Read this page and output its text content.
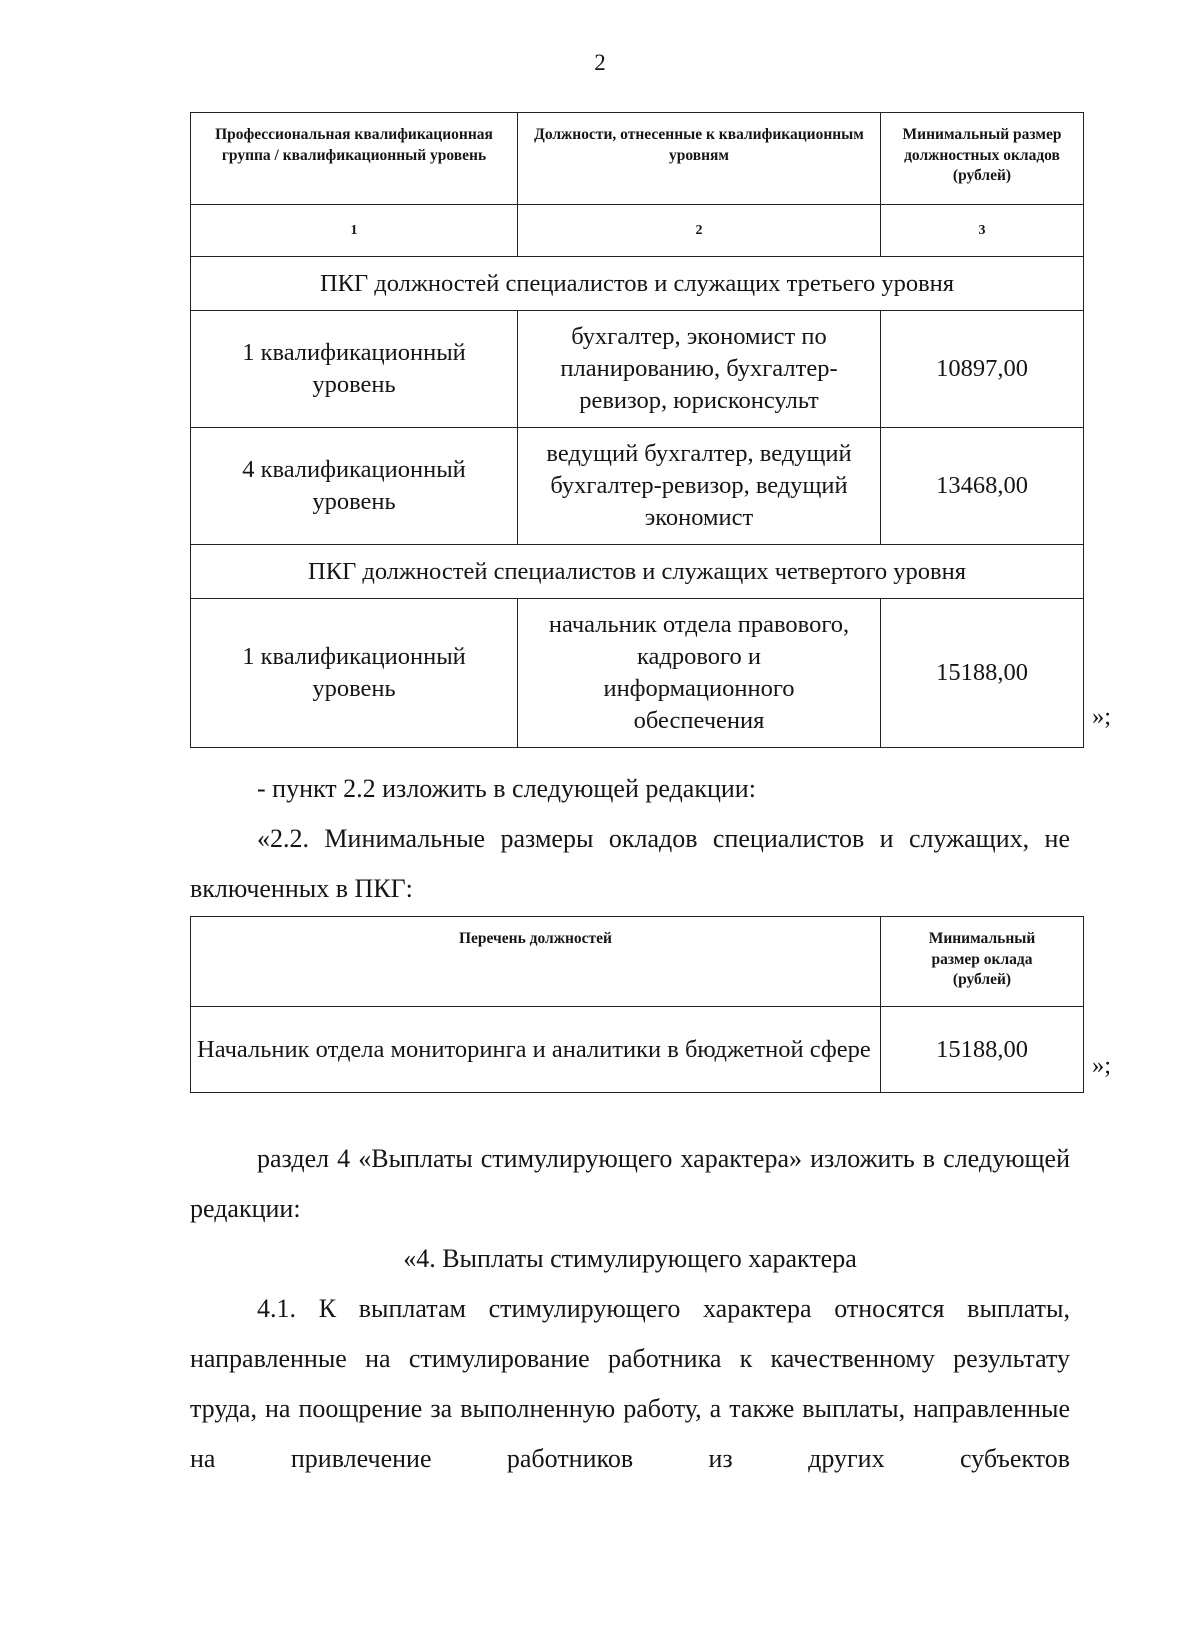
2
Профессиональная квалификационная группа / квалификационный уровень	Должности, отнесенные к квалификационным уровням	Минимальный размер должностных окладов (рублей)
1	2	3
ПКГ должностей специалистов и служащих третьего уровня		
1 квалификационный уровень	бухгалтер, экономист по планированию, бухгалтер-ревизор, юрисконсульт	10897,00
4 квалификационный уровень	ведущий бухгалтер, ведущий бухгалтер-ревизор, ведущий экономист	13468,00
ПКГ должностей специалистов и служащих четвертого уровня		
1 квалификационный уровень	начальник отдела правового, кадрового и информационного обеспечения	15188,00
»;
- пункт 2.2 изложить в следующей редакции:
«2.2. Минимальные размеры окладов специалистов и служащих, не включенных в ПКГ:
Перечень должностей	Минимальный размер оклада (рублей)
Начальник отдела мониторинга и аналитики в бюджетной сфере	15188,00
»;
раздел 4 «Выплаты стимулирующего характера» изложить в следующей редакции:
«4. Выплаты стимулирующего характера
4.1. К выплатам стимулирующего характера относятся выплаты, направленные на стимулирование работника к качественному результату труда, на поощрение за выполненную работу, а также выплаты, направленные на привлечение работников из других субъектов
